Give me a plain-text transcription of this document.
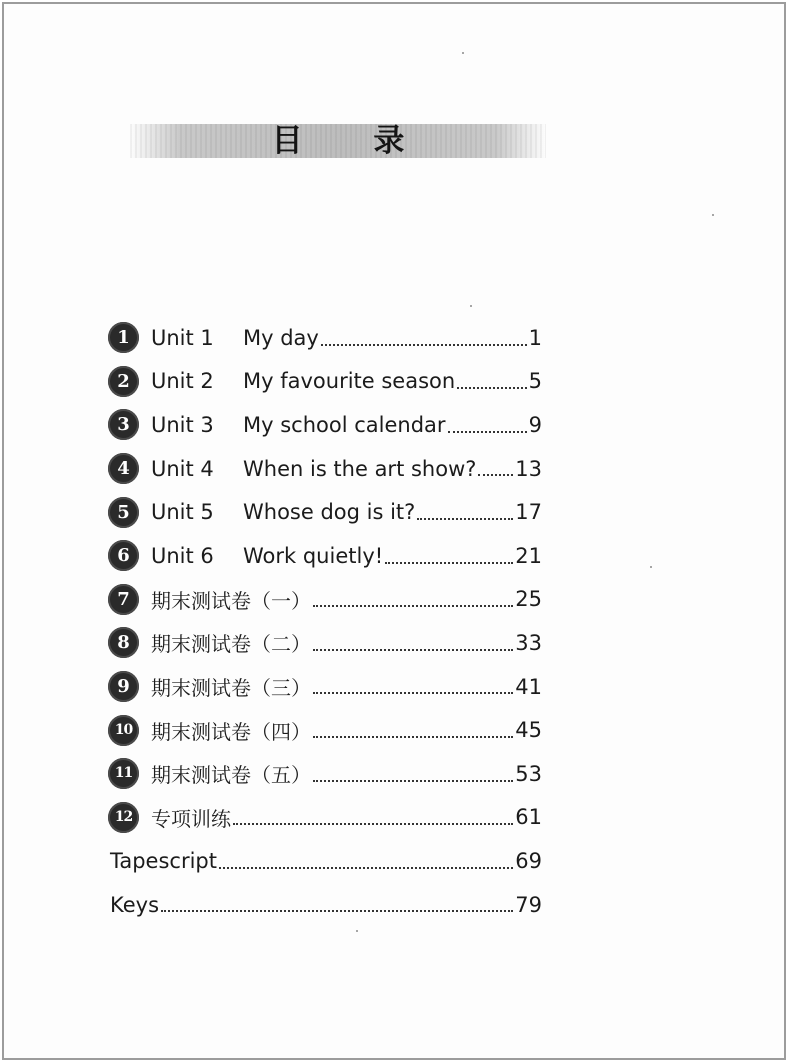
目 录
1	Unit 1	My day	1
2	Unit 2	My favourite season	5
3	Unit 3	My school calendar	9
4	Unit 4	When is the art show? 13
5	Unit 5	Whose dog is it?	17
6	Unit 6	Work quietly!	21
7	期末测试卷（一）	25
8	期末测试卷（二）	33
9	期末测试卷（三）	41
10 期末测试卷（四）	45
11 期末测试卷（五）	53
12 专项训练	61
Tapescript	69
Keys	79
